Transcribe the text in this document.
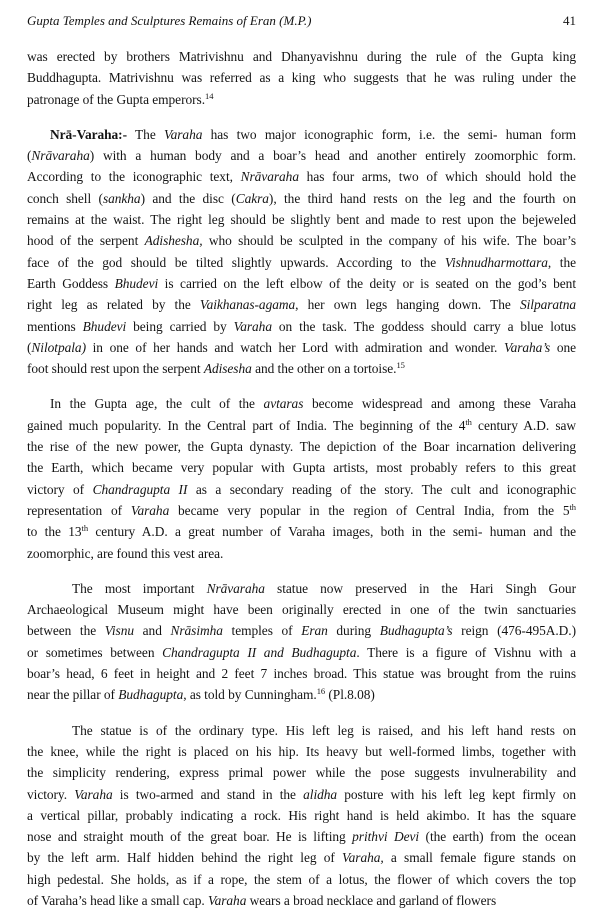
Gupta Temples and Sculptures Remains of Eran (M.P.)	41
was erected by brothers Matrivishnu and Dhanyavishnu during the rule of the Gupta king
Buddhagupta. Matrivishnu was referred as a king who suggests that he was ruling under the
patronage of the Gupta emperors.$^{14}$
Nrā-Varaha:- The Varaha has two major iconographic form, i.e. the semi- human form
(Nrāvaraha) with a human body and a boar’s head and another entirely zoomorphic form.
According to the iconographic text, Nrāvaraha has four arms, two of which should hold the
conch shell (sankha) and the disc (Cakra), the third hand rests on the leg and the fourth on
remains at the waist. The right leg should be slightly bent and made to rest upon the bejeweled
hood of the serpent Adishesha, who should be sculpted in the company of his wife. The boar’s
face of the god should be tilted slightly upwards. According to the Vishnudharmottara, the
Earth Goddess Bhudevi is carried on the left elbow of the deity or is seated on the god’s bent
right leg as related by the Vaikhanas-agama, her own legs hanging down. The Silparatna
mentions Bhudevi being carried by Varaha on the task. The goddess should carry a blue lotus
(Nilotpala) in one of her hands and watch her Lord with admiration and wonder. Varaha’s one
foot should rest upon the serpent Adisesha and the other on a tortoise.$^{15}$
In the Gupta age, the cult of the avtaras become widespread and among these Varaha
gained much popularity. In the Central part of India. The beginning of the 4th century A.D. saw
the rise of the new power, the Gupta dynasty. The depiction of the Boar incarnation delivering
the Earth, which became very popular with Gupta artists, most probably refers to this great
victory of Chandragupta II as a secondary reading of the story. The cult and iconographic
representation of Varaha became very popular in the region of Central India, from the 5th
to the 13th century A.D. a great number of Varaha images, both in the semi- human and the
zoomorphic, are found this vest area.
The most important Nrāvaraha statue now preserved in the Hari Singh Gour
Archaeological Museum might have been originally erected in one of the twin sanctuaries
between the Visnu and Nrāsimha temples of Eran during Budhagupta’s reign (476-495A.D.)
or sometimes between Chandragupta II and Budhagupta. There is a figure of Vishnu with a
boar’s head, 6 feet in height and 2 feet 7 inches broad. This statue was brought from the ruins
near the pillar of Budhagupta, as told by Cunningham.$^{16}$ (Pl.8.08)
The statue is of the ordinary type. His left leg is raised, and his left hand rests on
the knee, while the right is placed on his hip. Its heavy but well-formed limbs, together with
the simplicity rendering, express primal power while the pose suggests invulnerability and
victory. Varaha is two-armed and stand in the alidha posture with his left leg kept firmly on
a vertical pillar, probably indicating a rock. His right hand is held akimbo. It has the square
nose and straight mouth of the great boar. He is lifting prithvi Devi (the earth) from the ocean
by the left arm. Half hidden behind the right leg of Varaha, a small female figure stands on
high pedestal. She holds, as if a rope, the stem of a lotus, the flower of which covers the top
of Varaha’s head like a small cap. Varaha wears a broad necklace and garland of flowers
